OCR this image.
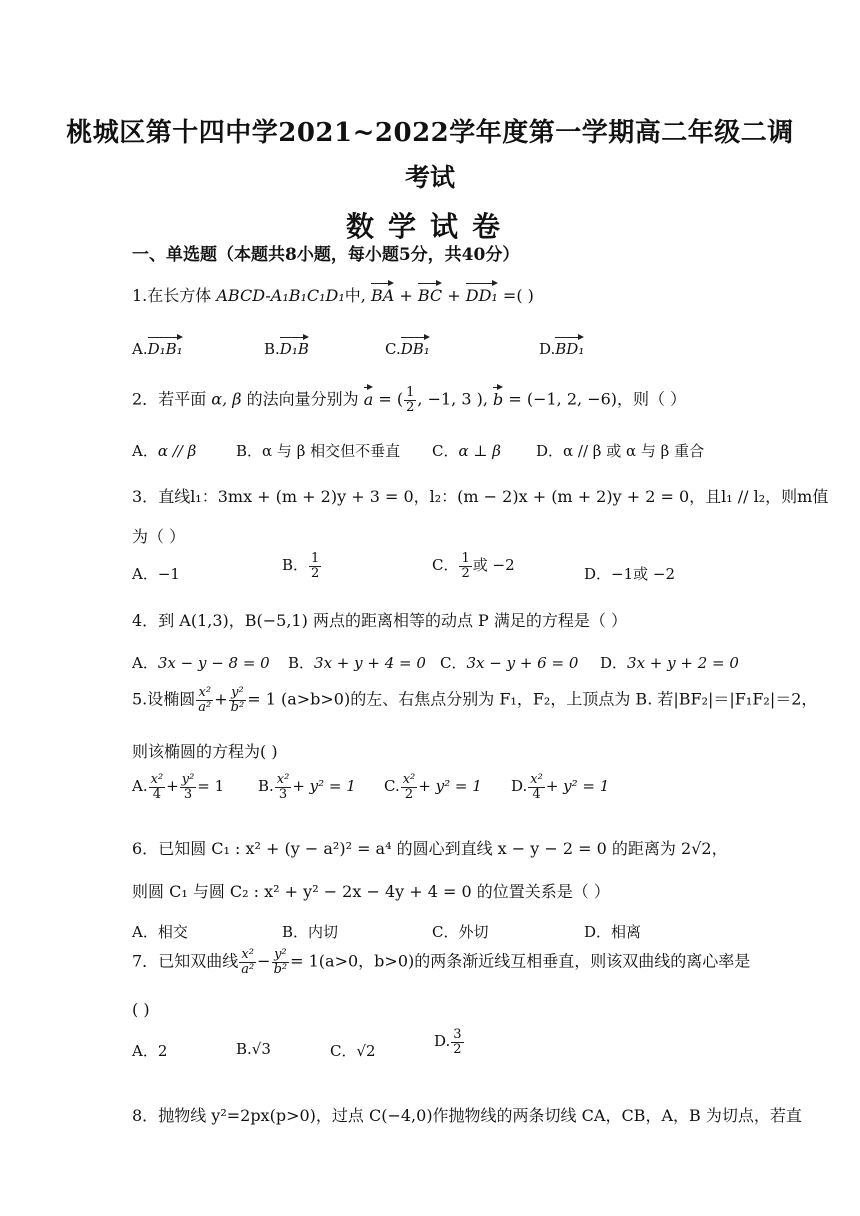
桃城区第十四中学2021~2022学年度第一学期高二年级二调
考试
数学试卷
一、单选题（本题共8小题，每小题5分，共40分）
1.在长方体 ABCD-A₁B₁C₁D₁中, BA + BC + DD₁ =( )
A.D₁B₁	B.D₁B	C.DB₁	D.BD₁
2．若平面 α, β 的法向量分别为 a = ( $\frac{1}{2}$ , −1, 3 ), b = (−1, 2, −6)，则（ ）
A．α // β	B．α 与 β 相交但不垂直 C．α ⊥ β D．α // β 或 α 与 β 重合
3．直线l₁：3mx + (m + 2)y + 3 = 0，l₂：(m − 2)x + (m + 2)y + 2 = 0，且l₁ // l₂，则m值
为（ ）
A．−1	B． $\frac{1}{2}$	C． $\frac{1}{2}$ 或 −2	D．−1或 −2
4．到 A(1,3)，B(−5,1) 两点的距离相等的动点 P 满足的方程是（ ）
A．3x − y − 8 = 0 B．3x + y + 4 = 0 C．3x − y + 6 = 0 D．3x + y + 2 = 0
5.设椭圆 $\frac{\text{x²}}{\text{a²}} + \frac{\text{y²}}{\text{b²}} = 1$ (a>b>0)的左、右焦点分别为 F₁，F₂，上顶点为 B. 若|BF₂|＝|F₁F₂|＝2，
则该椭圆的方程为( )
A. $\frac{\text{x²}}{4} + \frac{\text{y²}}{3} = 1$ B. $\frac{\text{x²}}{3} + y^2 = 1$ C. $\frac{\text{x²}}{2} + y^2 = 1$ D. $\frac{\text{x²}}{4} + y^2 = 1$
6．已知圆 C₁ : x² + (y − a²)² = a⁴ 的圆心到直线 x − y − 2 = 0 的距离为 2√2，
则圆 C₁ 与圆 C₂ : x² + y² − 2x − 4y + 4 = 0 的位置关系是（ ）
A．相交	B．内切	C．外切	D．相离
7．已知双曲线 $\frac{\text{x²}}{\text{a²}} - \frac{\text{y²}}{\text{b²}} = 1(a>0$，b>0)的两条渐近线互相垂直，则该双曲线的离心率是
( )
A．2	B.√3	C．√2
D. $\frac{3}{2}$
8．抛物线 y²=2px(p>0)，过点 C(−4,0)作抛物线的两条切线 CA，CB，A，B 为切点，若直
